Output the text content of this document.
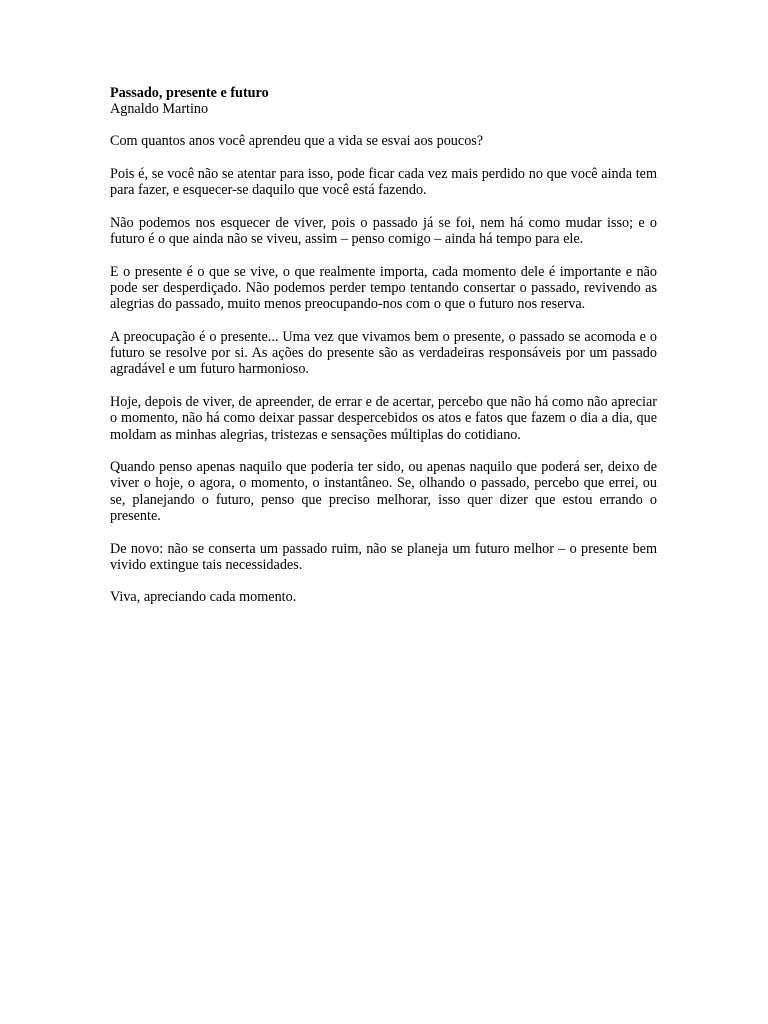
Passado, presente e futuro

Agnaldo Martino

Com quantos anos você aprendeu que a vida se esvai aos poucos?

Pois é, se você não se atentar para isso, pode ficar cada vez mais perdido no que você ainda tem para fazer, e esquecer-se daquilo que você está fazendo.

Não podemos nos esquecer de viver, pois o passado já se foi, nem há como mudar isso; e o futuro é o que ainda não se viveu, assim – penso comigo – ainda há tempo para ele.

E o presente é o que se vive, o que realmente importa, cada momento dele é importante e não pode ser desperdiçado. Não podemos perder tempo tentando consertar o passado, revivendo as alegrias do passado, muito menos preocupando-nos com o que o futuro nos reserva.

A preocupação é o presente... Uma vez que vivamos bem o presente, o passado se acomoda e o futuro se resolve por si. As ações do presente são as verdadeiras responsáveis por um passado agradável e um futuro harmonioso.

Hoje, depois de viver, de apreender, de errar e de acertar, percebo que não há como não apreciar o momento, não há como deixar passar despercebidos os atos e fatos que fazem o dia a dia, que moldam as minhas alegrias, tristezas e sensações múltiplas do cotidiano.

Quando penso apenas naquilo que poderia ter sido, ou apenas naquilo que poderá ser, deixo de viver o hoje, o agora, o momento, o instantâneo. Se, olhando o passado, percebo que errei, ou se, planejando o futuro, penso que preciso melhorar, isso quer dizer que estou errando o presente.

De novo: não se conserta um passado ruim, não se planeja um futuro melhor – o presente bem vivido extingue tais necessidades.

Viva, apreciando cada momento.
